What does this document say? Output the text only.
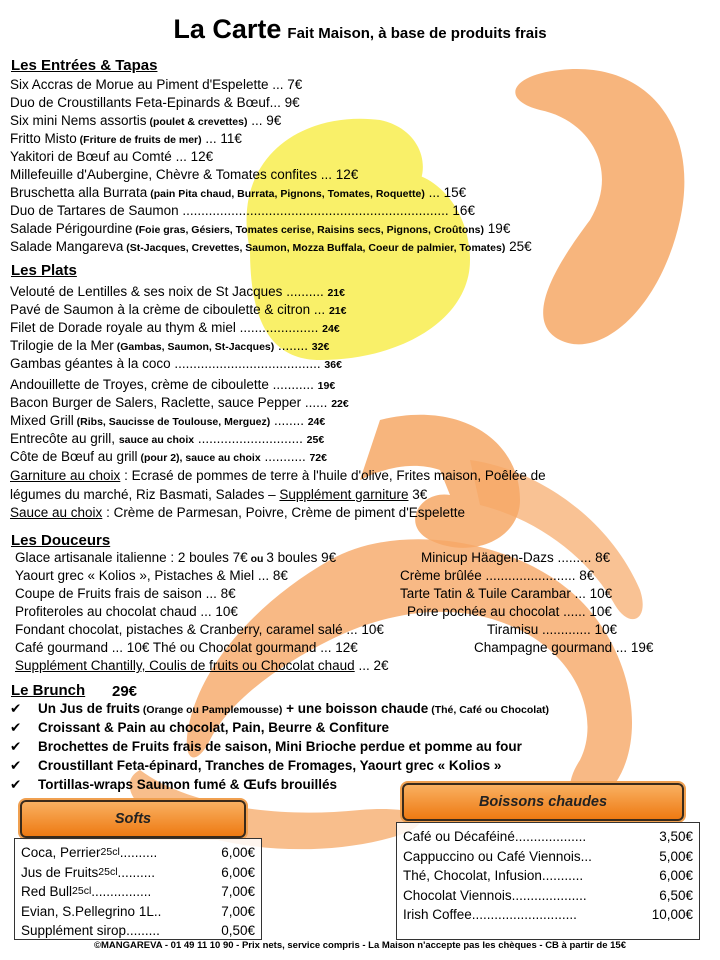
La Carte Fait Maison, à base de produits frais
Les Entrées & Tapas
Six Accras de Morue au Piment d'Espelette ... 7€
Duo de Croustillants Feta-Epinards & Bœuf... 9€
Six mini Nems assortis (poulet & crevettes) ... 9€
Fritto Misto (Friture de fruits de mer) ... 11€
Yakitori de Bœuf au Comté ... 12€
Millefeuille d'Aubergine, Chèvre & Tomates confites ... 12€
Bruschetta alla Burrata (pain Pita chaud, Burrata, Pignons, Tomates, Roquette) ... 15€
Duo de Tartares de Saumon ....................................................................... 16€
Salade Périgourdine (Foie gras, Gésiers, Tomates cerise, Raisins secs, Pignons, Croûtons) 19€
Salade Mangareva (St-Jacques, Crevettes, Saumon, Mozza Buffala, Coeur de palmier, Tomates) 25€
Les Plats
Velouté de Lentilles & ses noix de St Jacques .......... 21€
Pavé de Saumon à la crème de ciboulette & citron ... 21€
Filet de Dorade royale au thym & miel ..................... 24€
Trilogie de la Mer (Gambas, Saumon, St-Jacques) ........ 32€
Gambas géantes à la coco ....................................... 36€
Andouillette de Troyes, crème de ciboulette ........... 19€
Bacon Burger de Salers, Raclette, sauce Pepper ...... 22€
Mixed Grill (Ribs, Saucisse de Toulouse, Merguez) ........ 24€
Entrecôte au grill, sauce au choix ............................ 25€
Côte de Bœuf au grill (pour 2), sauce au choix ........... 72€
Garniture au choix : Ecrasé de pommes de terre à l'huile d'olive, Frites maison, Poêlée de
légumes du marché, Riz Basmati, Salades – Supplément garniture 3€
Sauce au choix : Crème de Parmesan, Poivre, Crème de piment d'Espelette
Les Douceurs
Glace artisanale italienne : 2 boules 7€ ou 3 boules 9€	Minicup Häagen-Dazs ......... 8€
Yaourt grec « Kolios », Pistaches & Miel ... 8€	Crème brûlée ........................ 8€
Coupe de Fruits frais de saison ... 8€	Tarte Tatin & Tuile Carambar ... 10€
Profiteroles au chocolat chaud ... 10€	Poire pochée au chocolat ...... 10€
Fondant chocolat, pistaches & Cranberry, caramel salé ... 10€	Tiramisu ............. 10€
Café gourmand ... 10€ Thé ou Chocolat gourmand ... 12€	Champagne gourmand ... 19€
Supplément Chantilly, Coulis de fruits ou Chocolat chaud ... 2€
Le Brunch 29€
✔ Un Jus de fruits (Orange ou Pamplemousse) + une boisson chaude (Thé, Café ou Chocolat)
✔ Croissant & Pain au chocolat, Pain, Beurre & Confiture
✔ Brochettes de Fruits frais de saison, Mini Brioche perdue et pomme au four
✔ Croustillant Feta-épinard, Tranches de Fromages, Yaourt grec « Kolios »
✔ Tortillas-wraps Saumon fumé & Œufs brouillés
Softs
Coca, Perrier 25cl ..........	6,00€
Jus de Fruits 25cl ..........	6,00€
Red Bull 25cl ................	7,00€
Evian, S.Pellegrino 1L ..	7,00€
Supplément sirop .........	0,50€
Boissons chaudes
Café ou Décaféiné ...................	3,50€
Cappuccino ou Café Viennois ...	5,00€
Thé, Chocolat, Infusion ...........	6,00€
Chocolat Viennois ....................	6,50€
Irish Coffee ............................	10,00€
©MANGAREVA - 01 49 11 10 90 - Prix nets, service compris - La Maison n'accepte pas les chèques - CB à partir de 15€
